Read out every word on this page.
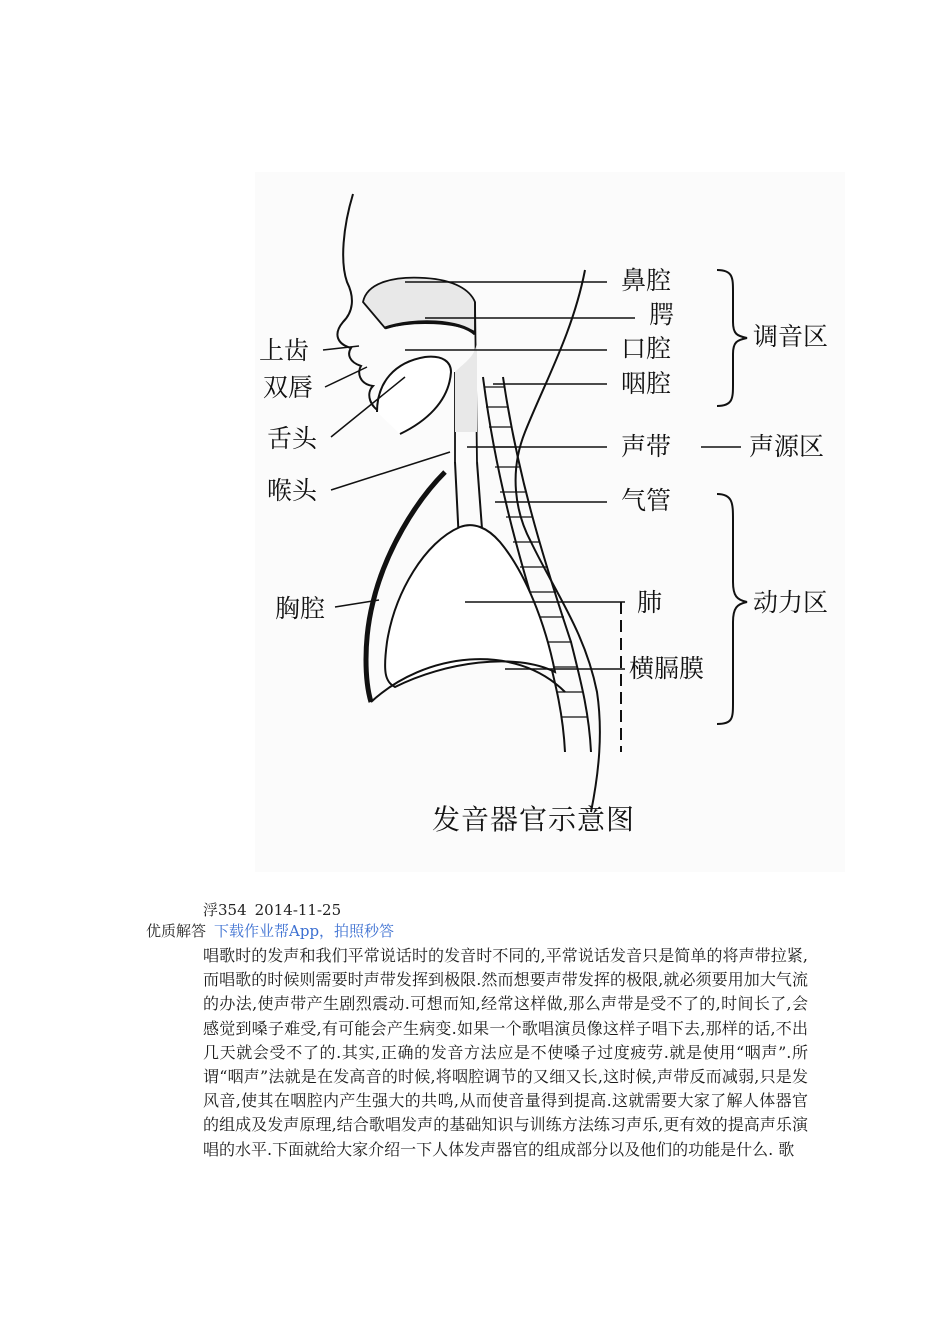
上齿
双唇
舌头
喉头
胸腔
鼻腔
腭
口腔
咽腔
声带
气管
肺
横膈膜
调音区
声源区
动力区
发音器官示意图
浮354 2014-11-25
优质解答 下载作业帮App，拍照秒答
唱歌时的发声和我们平常说话时的发音时不同的,平常说话发音只是简单的将声带拉紧,而唱歌的时候则需要时声带发挥到极限.然而想要声带发挥的极限,就必须要用加大气流的办法,使声带产生剧烈震动.可想而知,经常这样做,那么声带是受不了的,时间长了,会感觉到嗓子难受,有可能会产生病变.如果一个歌唱演员像这样子唱下去,那样的话,不出几天就会受不了的.其实,正确的发音方法应是不使嗓子过度疲劳.就是使用“咽声”.所谓“咽声”法就是在发高音的时候,将咽腔调节的又细又长,这时候,声带反而减弱,只是发风音,使其在咽腔内产生强大的共鸣,从而使音量得到提高.这就需要大家了解人体器官的组成及发声原理,结合歌唱发声的基础知识与训练方法练习声乐,更有效的提高声乐演唱的水平.下面就给大家介绍一下人体发声器官的组成部分以及他们的功能是什么. 歌
